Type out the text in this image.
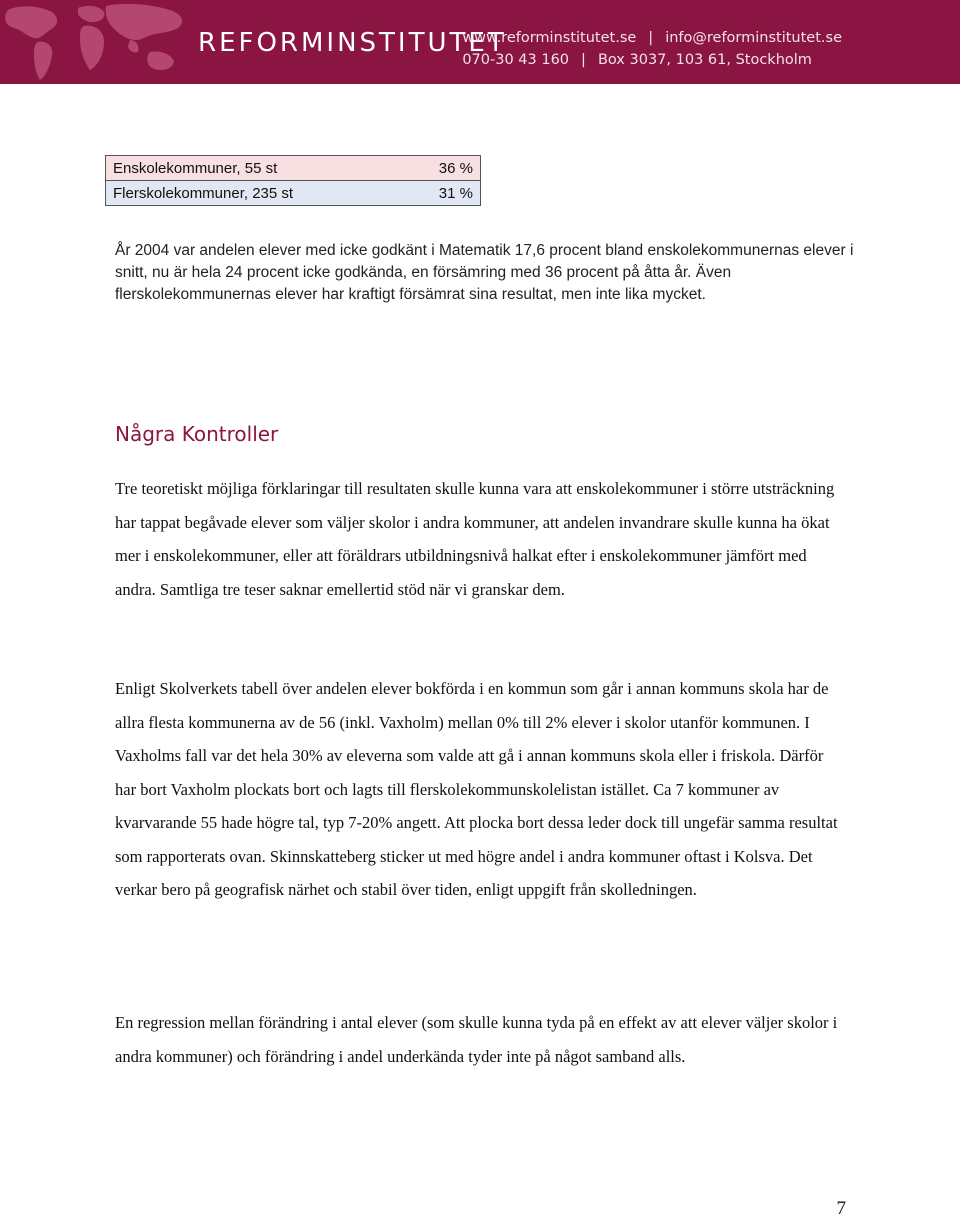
REFORMINSTITUTET
www.reforminstitutet.se | info@reforminstitutet.se
070-30 43 160 | Box 3037, 103 61, Stockholm
Enskolekommuner, 55 st	36 %
Flerskolekommuner, 235 st	31 %
År 2004 var andelen elever med icke godkänt i Matematik 17,6 procent bland enskolekommunernas elever i snitt, nu är hela 24 procent icke godkända, en försämring med 36 procent på åtta år. Även flerskolekommunernas elever har kraftigt försämrat sina resultat, men inte lika mycket.
Några Kontroller
Tre teoretiskt möjliga förklaringar till resultaten skulle kunna vara att enskolekommuner i större utsträckning har tappat begåvade elever som väljer skolor i andra kommuner, att andelen invandrare skulle kunna ha ökat mer i enskolekommuner, eller att föräldrars utbildningsnivå halkat efter i enskolekommuner jämfört med andra. Samtliga tre teser saknar emellertid stöd när vi granskar dem.
Enligt Skolverkets tabell över andelen elever bokförda i en kommun som går i annan kommuns skola har de allra flesta kommunerna av de 56 (inkl. Vaxholm) mellan 0% till 2% elever i skolor utanför kommunen. I Vaxholms fall var det hela 30% av eleverna som valde att gå i annan kommuns skola eller i friskola. Därför har bort Vaxholm plockats bort och lagts till flerskolekommunskolelistan istället. Ca 7 kommuner av kvarvarande 55 hade högre tal, typ 7-20% angett. Att plocka bort dessa leder dock till ungefär samma resultat som rapporterats ovan. Skinnskatteberg sticker ut med högre andel i andra kommuner oftast i Kolsva. Det verkar bero på geografisk närhet och stabil över tiden, enligt uppgift från skolledningen.
En regression mellan förändring i antal elever (som skulle kunna tyda på en effekt av att elever väljer skolor i andra kommuner) och förändring i andel underkända tyder inte på något samband alls.
7
